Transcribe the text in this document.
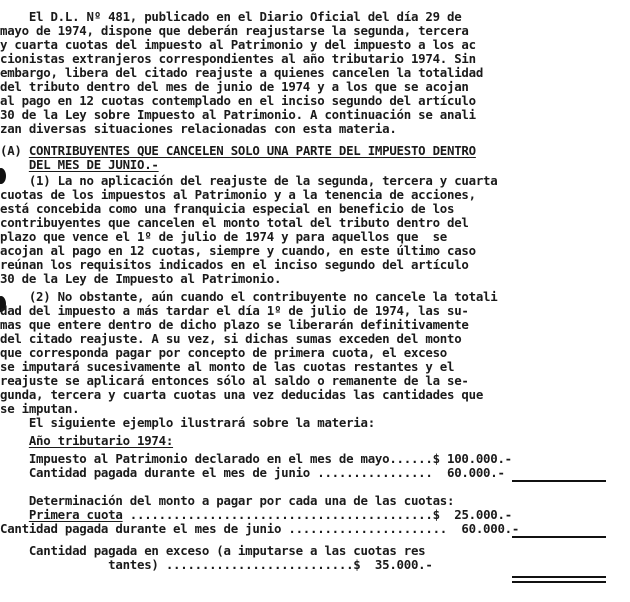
El D.L. Nº 481, publicado en el Diario Oficial del día 29 de
mayo de 1974, dispone que deberán reajustarse la segunda, tercera
y cuarta cuotas del impuesto al Patrimonio y del impuesto a los ac
cionistas extranjeros correspondientes al año tributario 1974. Sin
embargo, libera del citado reajuste a quienes cancelen la totalidad
del tributo dentro del mes de junio de 1974 y a los que se acojan
al pago en 12 cuotas contemplado en el inciso segundo del artículo
30 de la Ley sobre Impuesto al Patrimonio. A continuación se anali
zan diversas situaciones relacionadas con esta materia.
(A) CONTRIBUYENTES QUE CANCELEN SOLO UNA PARTE DEL IMPUESTO DENTRO
DEL MES DE JUNIO.-
(1) La no aplicación del reajuste de la segunda, tercera y cuarta
cuotas de los impuestos al Patrimonio y a la tenencia de acciones,
está concebida como una franquicia especial en beneficio de los
contribuyentes que cancelen el monto total del tributo dentro del
plazo que vence el 1º de julio de 1974 y para aquellos que  se
acojan al pago en 12 cuotas, siempre y cuando, en este último caso
reúnan los requisitos indicados en el inciso segundo del artículo
30 de la Ley de Impuesto al Patrimonio.
(2) No obstante, aún cuando el contribuyente no cancele la totali
dad del impuesto a más tardar el día 1º de julio de 1974, las su-
mas que entere dentro de dicho plazo se liberarán definitivamente
del citado reajuste. A su vez, si dichas sumas exceden del monto
que corresponda pagar por concepto de primera cuota, el exceso
se imputará sucesivamente al monto de las cuotas restantes y el
reajuste se aplicará entonces sólo al saldo o remanente de la se-
gunda, tercera y cuarta cuotas una vez deducidas las cantidades que
se imputan.
El siguiente ejemplo ilustrará sobre la materia:
Año tributario 1974:
Impuesto al Patrimonio declarado en el mes de mayo......$ 100.000.-
Cantidad pagada durante el mes de junio ................  60.000.-
Determinación del monto a pagar por cada una de las cuotas:
Primera cuota ..........................................$  25.000.-
Cantidad pagada durante el mes de junio ......................  60.000.-
Cantidad pagada en exceso (a imputarse a las cuotas res
tantes) ..........................$  35.000.-
